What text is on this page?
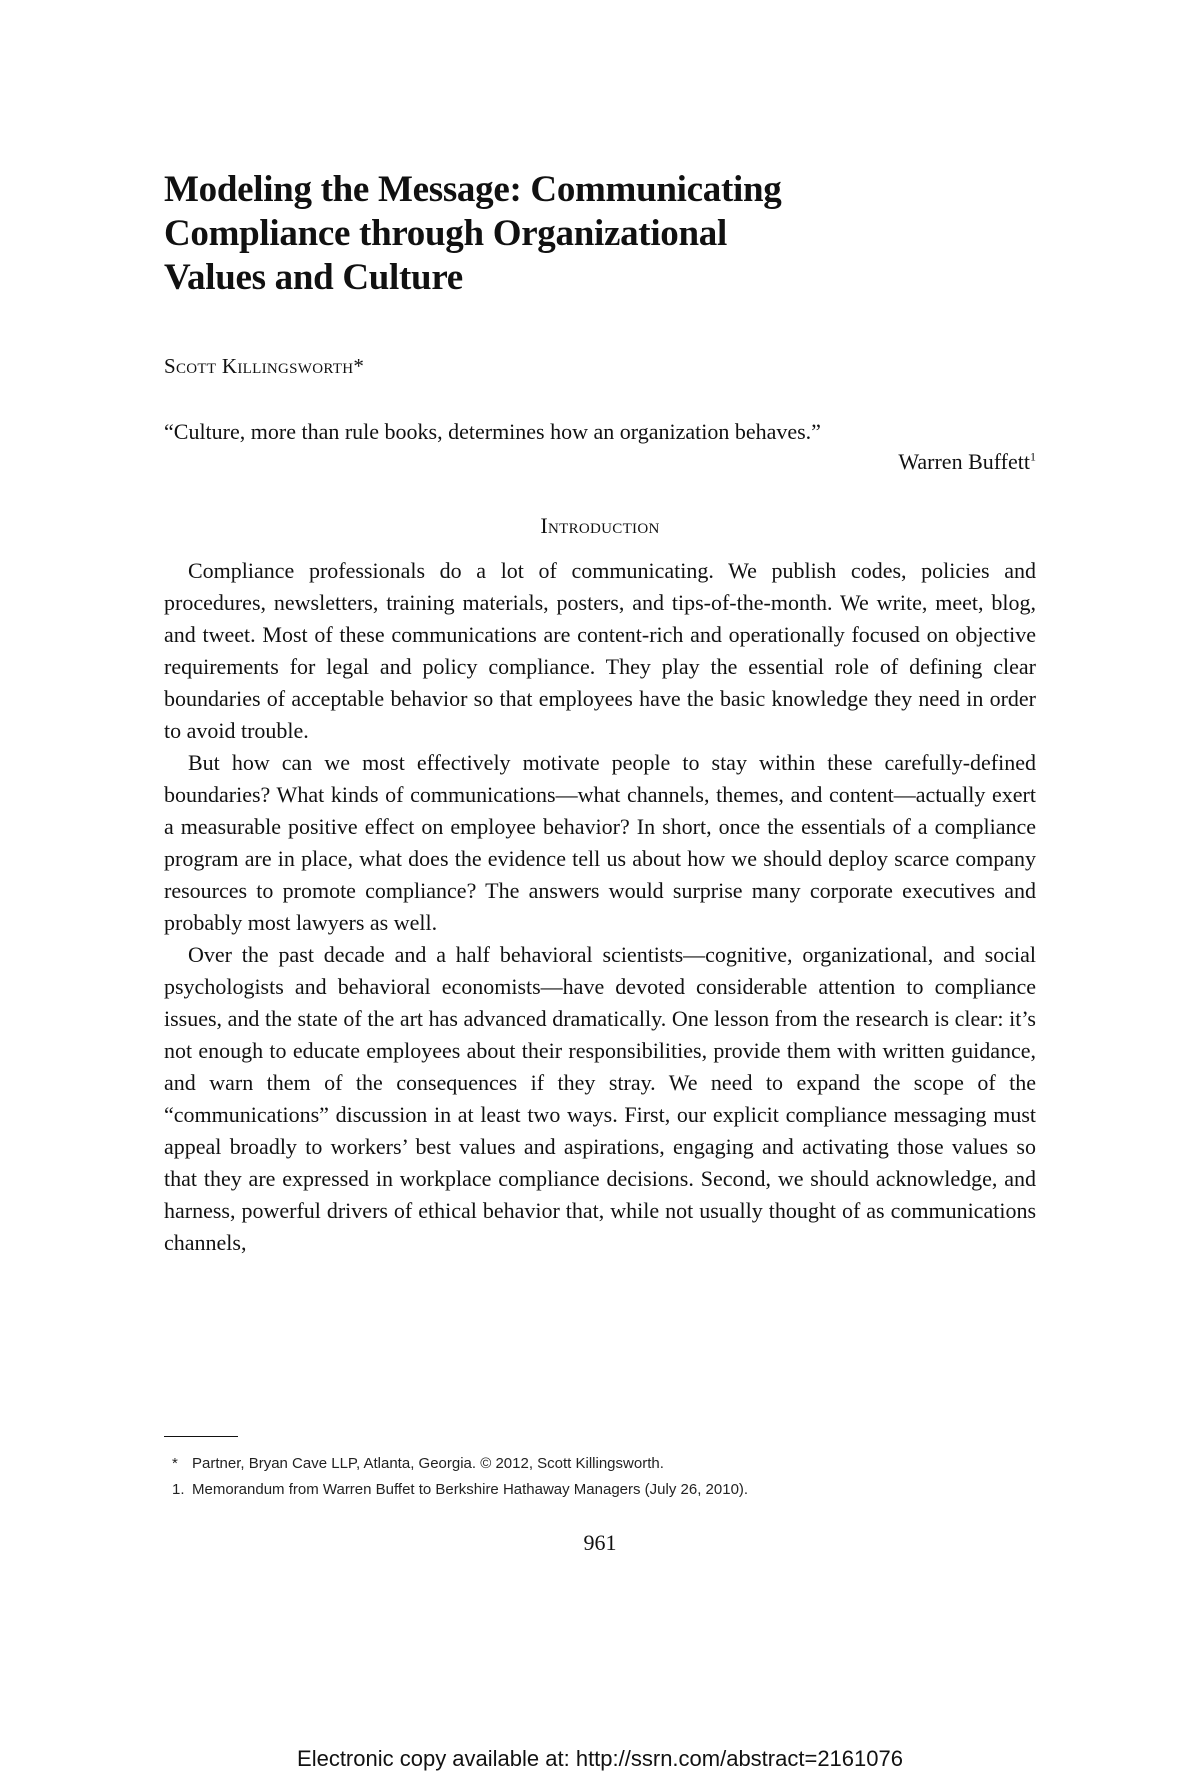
Modeling the Message: Communicating
Compliance through Organizational
Values and Culture
Scott Killingsworth*
“Culture, more than rule books, determines how an organization behaves.”
Warren Buffett$^1$
Introduction

Compliance professionals do a lot of communicating. We publish codes, policies and procedures, newsletters, training materials, posters, and tips-of-the-month. We write, meet, blog, and tweet. Most of these communications are content-rich and operationally focused on objective requirements for legal and policy compliance. They play the essential role of defining clear boundaries of acceptable behavior so that employees have the basic knowledge they need in order to avoid trouble.

But how can we most effectively motivate people to stay within these carefully-defined boundaries? What kinds of communications—what channels, themes, and content—actually exert a measurable positive effect on employee behavior? In short, once the essentials of a compliance program are in place, what does the evidence tell us about how we should deploy scarce company resources to promote compliance? The answers would surprise many corporate executives and probably most lawyers as well.

Over the past decade and a half behavioral scientists—cognitive, organizational, and social psychologists and behavioral economists—have devoted considerable attention to compliance issues, and the state of the art has advanced dramatically. One lesson from the research is clear: it’s not enough to educate employees about their responsibilities, provide them with written guidance, and warn them of the consequences if they stray. We need to expand the scope of the “communications” discussion in at least two ways. First, our explicit compliance messaging must appeal broadly to workers’ best values and aspirations, engaging and activating those values so that they are expressed in workplace compliance decisions. Second, we should acknowledge, and harness, powerful drivers of ethical behavior that, while not usually thought of as communications channels,

* Partner, Bryan Cave LLP, Atlanta, Georgia. © 2012, Scott Killingsworth.
1. Memorandum from Warren Buffet to Berkshire Hathaway Managers (July 26, 2010).
961
Electronic copy available at: http://ssrn.com/abstract=2161076
